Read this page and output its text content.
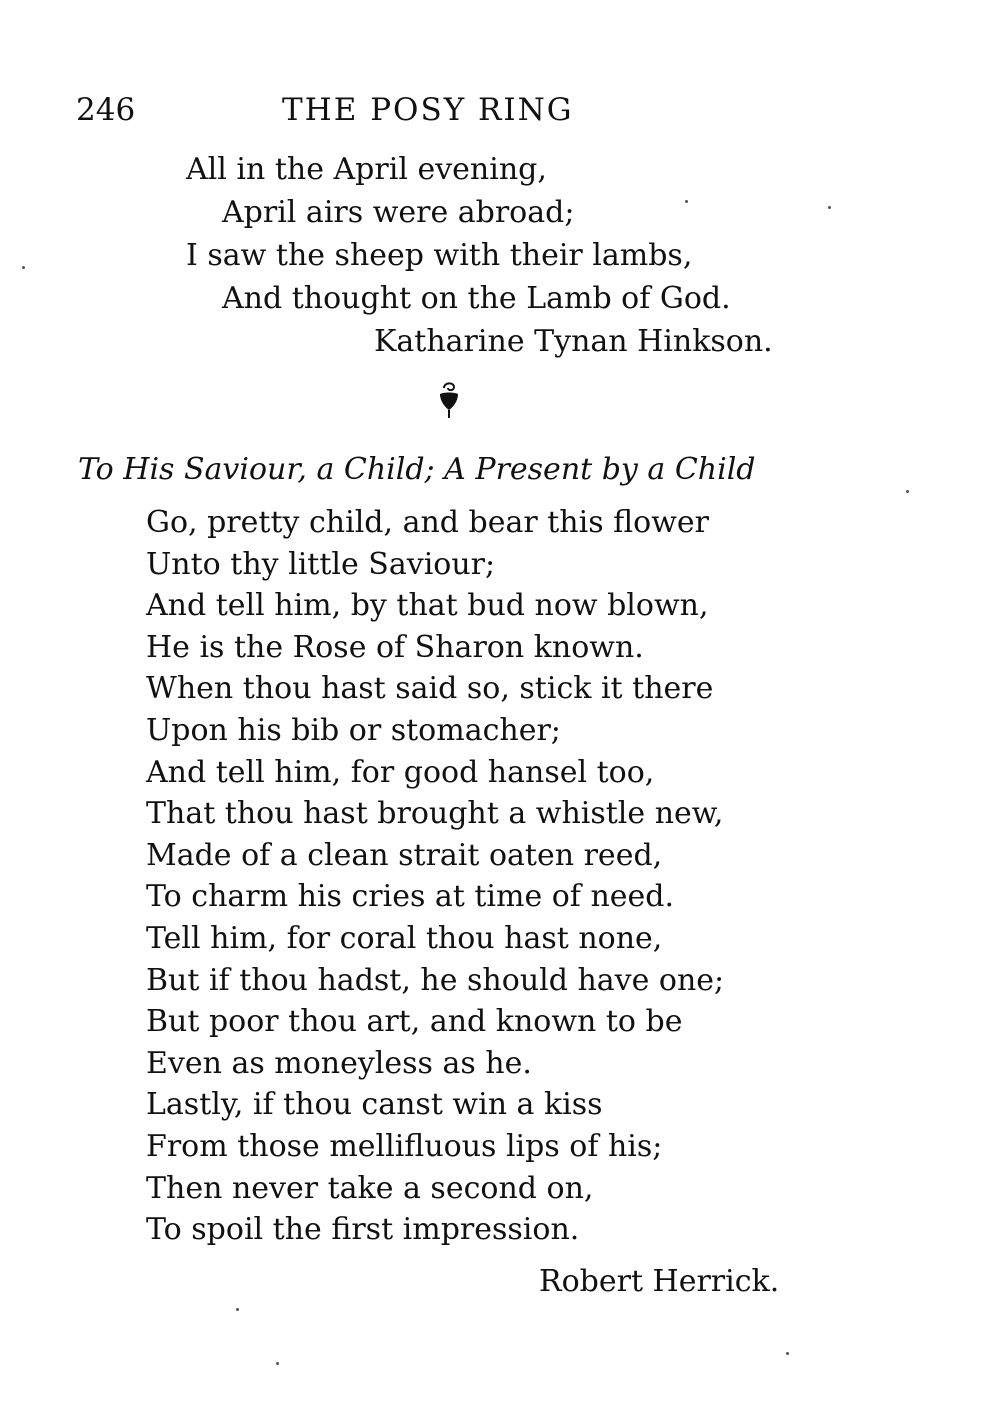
246	THE POSY RING
All in the April evening,
April airs were abroad;
I saw the sheep with their lambs,
And thought on the Lamb of God.
Katharine Tynan Hinkson.
To His Saviour, a Child; A Present by a Child
Go, pretty child, and bear this flower
Unto thy little Saviour;
And tell him, by that bud now blown,
He is the Rose of Sharon known.
When thou hast said so, stick it there
Upon his bib or stomacher;
And tell him, for good hansel too,
That thou hast brought a whistle new,
Made of a clean strait oaten reed,
To charm his cries at time of need.
Tell him, for coral thou hast none,
But if thou hadst, he should have one;
But poor thou art, and known to be
Even as moneyless as he.
Lastly, if thou canst win a kiss
From those mellifluous lips of his;
Then never take a second on,
To spoil the first impression.
Robert Herrick.
